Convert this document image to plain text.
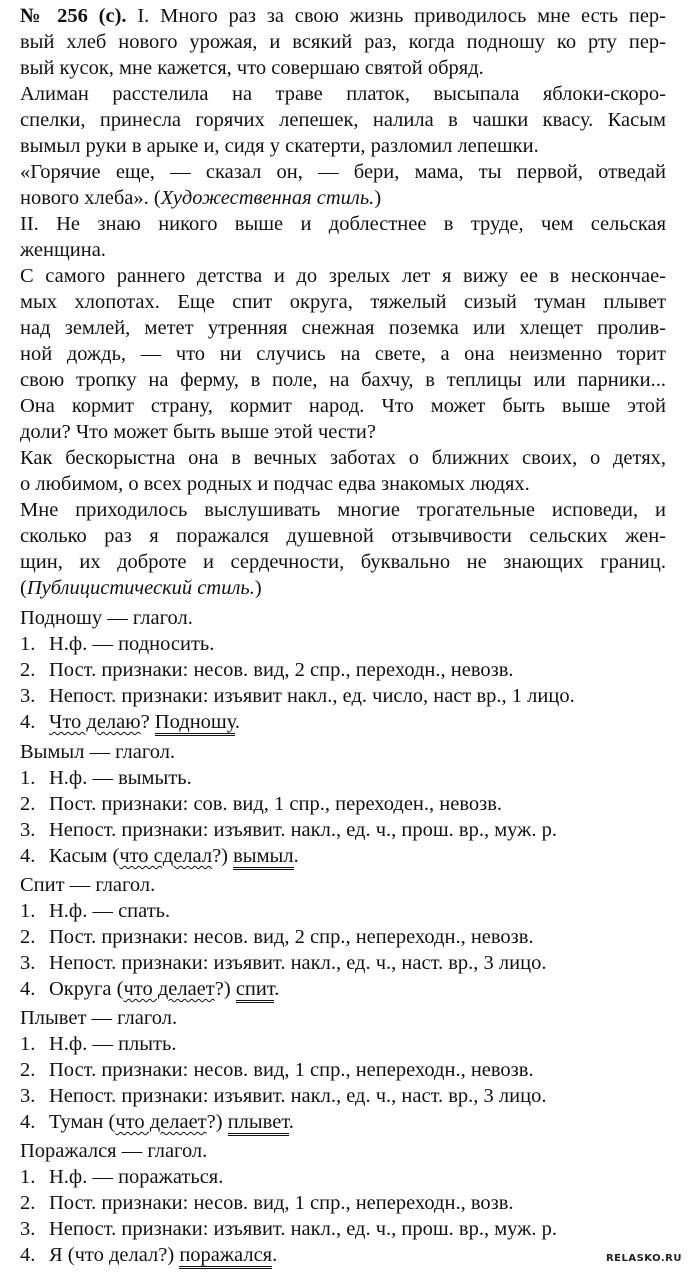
№ 256 (с). I. Много раз за свою жизнь приводилось мне есть пер-
вый хлеб нового урожая, и всякий раз, когда подношу ко рту пер-
вый кусок, мне кажется, что совершаю святой обряд.
Алиман расстелила на траве платок, высыпала яблоки-скоро-
спелки, принесла горячих лепешек, налила в чашки квасу. Касым
вымыл руки в арыке и, сидя у скатерти, разломил лепешки.
«Горячие еще, — сказал он, — бери, мама, ты первой, отведай
нового хлеба». (Художественная стиль.)
II. Не знаю никого выше и доблестнее в труде, чем сельская
женщина.
С самого раннего детства и до зрелых лет я вижу ее в нескончае-
мых хлопотах. Еще спит округа, тяжелый сизый туман плывет
над землей, метет утренняя снежная поземка или хлещет пролив-
ной дождь, — что ни случись на свете, а она неизменно торит
свою тропку на ферму, в поле, на бахчу, в теплицы или парники...
Она кормит страну, кормит народ. Что может быть выше этой
доли? Что может быть выше этой чести?
Как бескорыстна она в вечных заботах о ближних своих, о детях,
о любимом, о всех родных и подчас едва знакомых людях.
Мне приходилось выслушивать многие трогательные исповеди, и
сколько раз я поражался душевной отзывчивости сельских жен-
щин, их доброте и сердечности, буквально не знающих границ.
(Публицистический стиль.)
Подношу — глагол.
1. Н.ф. — подносить.
2. Пост. признаки: несов. вид, 2 спр., переходн., невозв.
3. Непост. признаки: изъявит накл., ед. число, наст вр., 1 лицо.
4. Что делаю? Подношу.
Вымыл — глагол.
1. Н.ф. — вымыть.
2. Пост. признаки: сов. вид, 1 спр., переходен., невозв.
3. Непост. признаки: изъявит. накл., ед. ч., прош. вр., муж. р.
4. Касым (что сделал?) вымыл.
Спит — глагол.
1. Н.ф. — спать.
2. Пост. признаки: несов. вид, 2 спр., непереходн., невозв.
3. Непост. признаки: изъявит. накл., ед. ч., наст. вр., 3 лицо.
4. Округа (что делает?) спит.
Плывет — глагол.
1. Н.ф. — плыть.
2. Пост. признаки: несов. вид, 1 спр., непереходн., невозв.
3. Непост. признаки: изъявит. накл., ед. ч., наст. вр., 3 лицо.
4. Туман (что делает?) плывет.
Поражался — глагол.
1. Н.ф. — поражаться.
2. Пост. признаки: несов. вид, 1 спр., непереходн., возв.
3. Непост. признаки: изъявит. накл., ед. ч., прош. вр., муж. р.
4. Я (что делал?) поражался.	RELASKO.RU
